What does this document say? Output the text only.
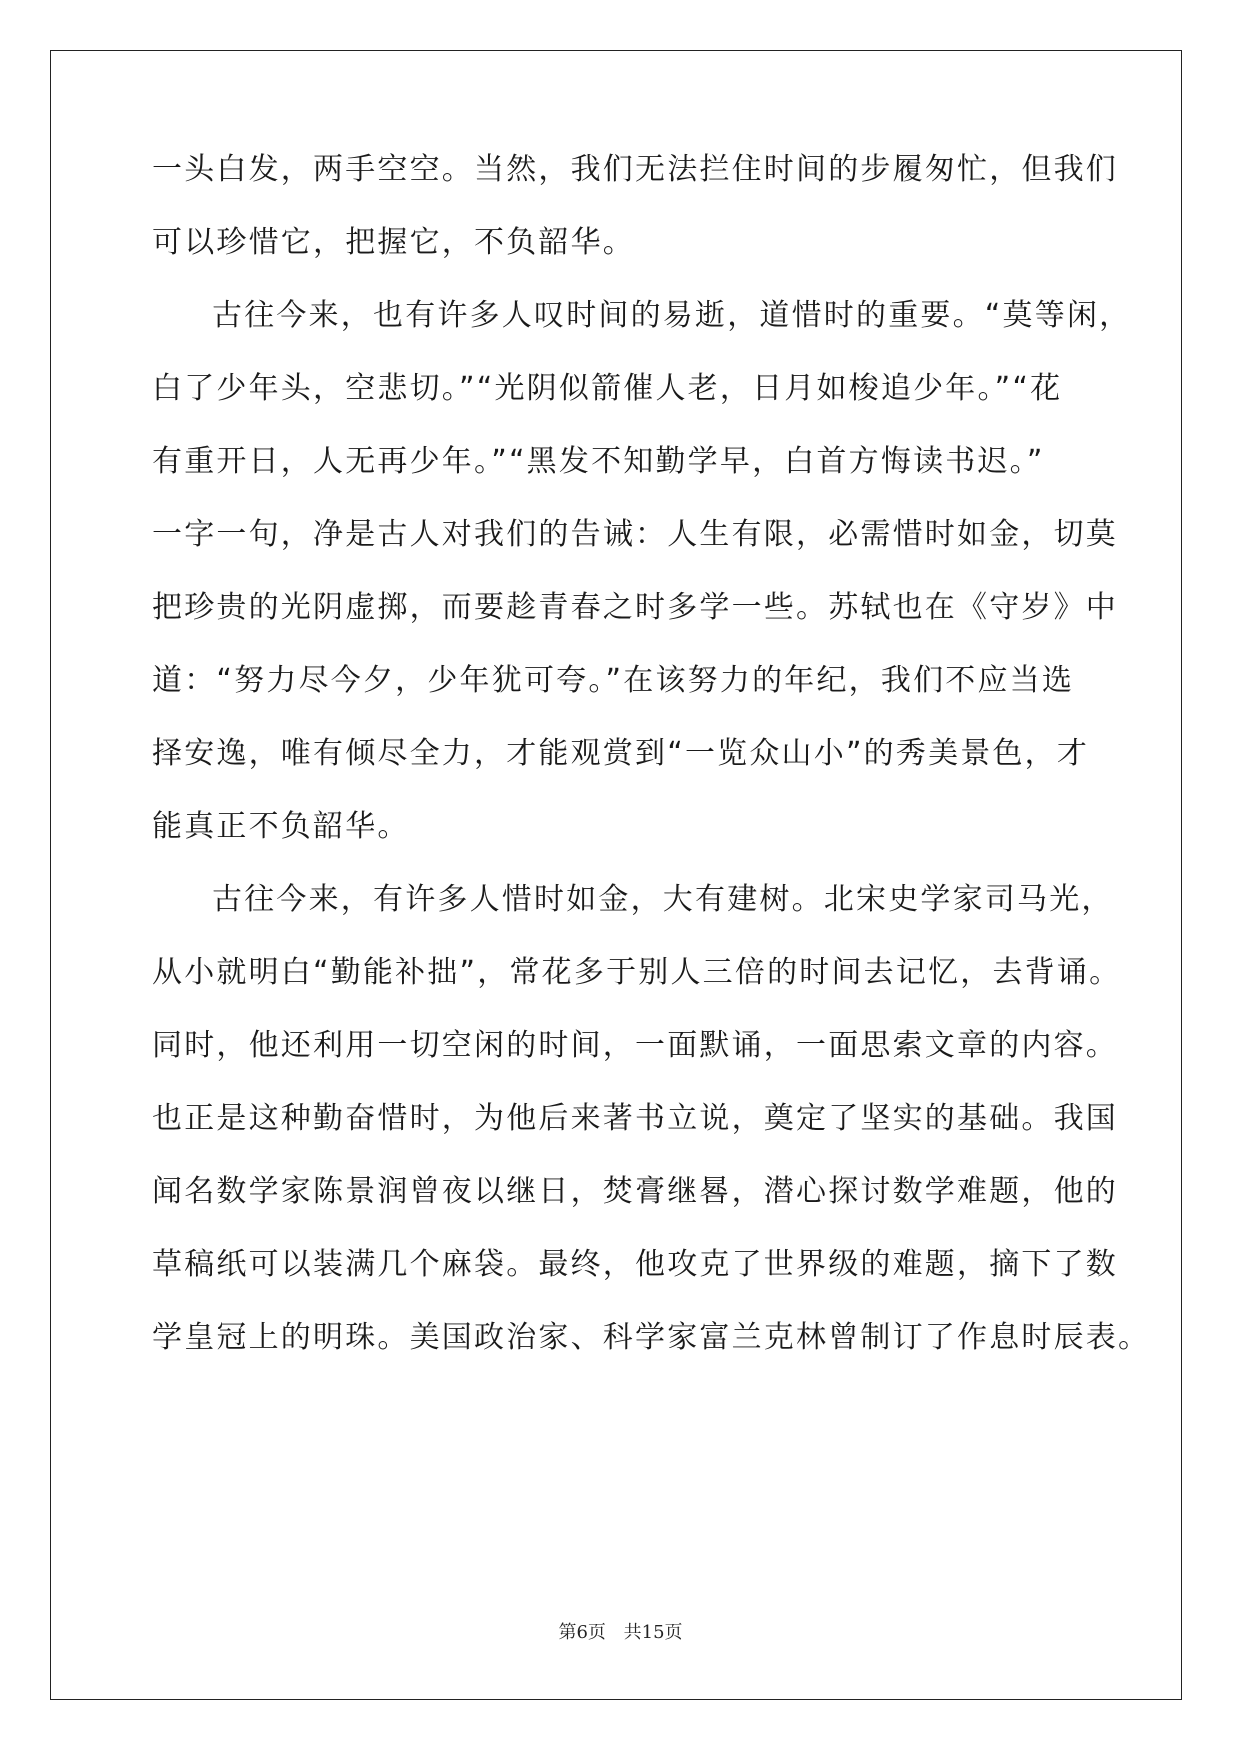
一头白发，两手空空。当然，我们无法拦住时间的步履匆忙，但我们
可以珍惜它，把握它，不负韶华。
古往今来，也有许多人叹时间的易逝，道惜时的重要。“莫等闲，
白了少年头，空悲切。”“光阴似箭催人老，日月如梭追少年。”“花
有重开日，人无再少年。”“黑发不知勤学早，白首方悔读书迟。”
一字一句，净是古人对我们的告诫：人生有限，必需惜时如金，切莫
把珍贵的光阴虚掷，而要趁青春之时多学一些。苏轼也在《守岁》中
道：“努力尽今夕，少年犹可夸。”在该努力的年纪，我们不应当选
择安逸，唯有倾尽全力，才能观赏到“一览众山小”的秀美景色，才
能真正不负韶华。
古往今来，有许多人惜时如金，大有建树。北宋史学家司马光，
从小就明白“勤能补拙”，常花多于别人三倍的时间去记忆，去背诵。
同时，他还利用一切空闲的时间，一面默诵，一面思索文章的内容。
也正是这种勤奋惜时，为他后来著书立说，奠定了坚实的基础。我国
闻名数学家陈景润曾夜以继日，焚膏继晷，潜心探讨数学难题，他的
草稿纸可以装满几个麻袋。最终，他攻克了世界级的难题，摘下了数
学皇冠上的明珠。美国政治家、科学家富兰克林曾制订了作息时辰表。
第6页 共15页
